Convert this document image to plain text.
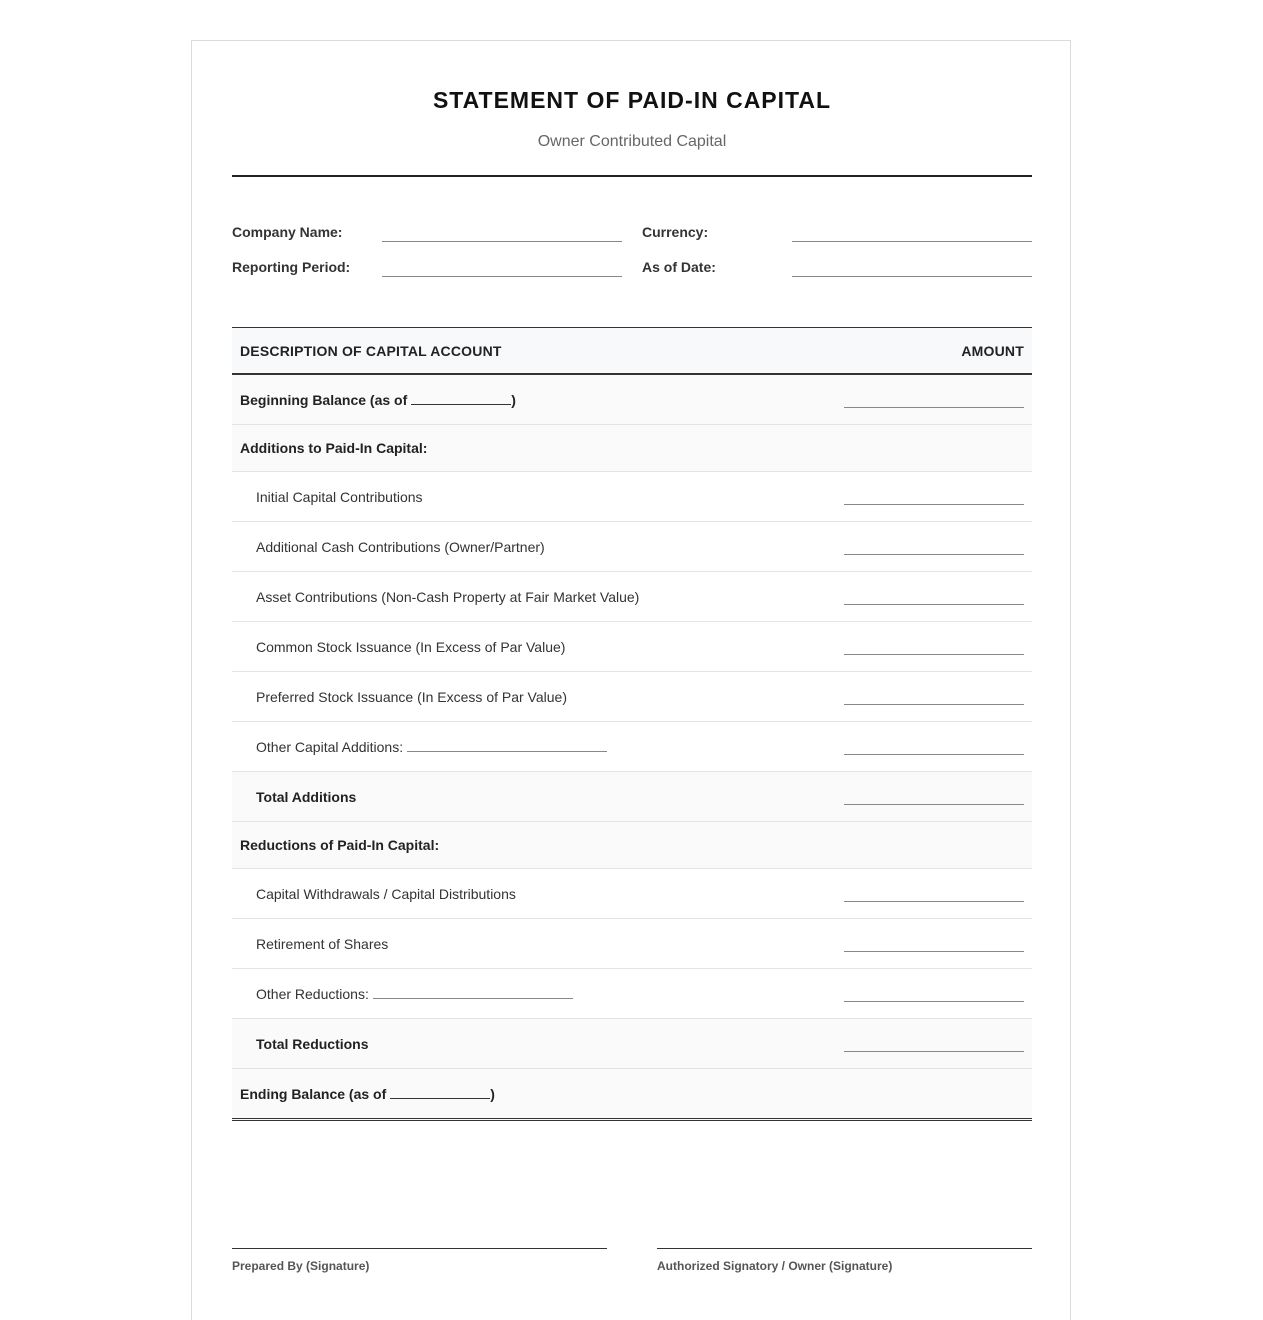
STATEMENT OF PAID-IN CAPITAL
Owner Contributed Capital
Company Name:	Currency:
Reporting Period:	As of Date:
DESCRIPTION OF CAPITAL ACCOUNT	AMOUNT
Beginning Balance (as of )	
Additions to Paid-In Capital:	
Initial Capital Contributions	
Additional Cash Contributions (Owner/Partner)	
Asset Contributions (Non-Cash Property at Fair Market Value)	
Common Stock Issuance (In Excess of Par Value)	
Preferred Stock Issuance (In Excess of Par Value)	
Other Capital Additions:	
Total Additions	
Reductions of Paid-In Capital:	
Capital Withdrawals / Capital Distributions	
Retirement of Shares	
Other Reductions:	
Total Reductions	
Ending Balance (as of )	
Prepared By (Signature)	Authorized Signatory / Owner (Signature)
